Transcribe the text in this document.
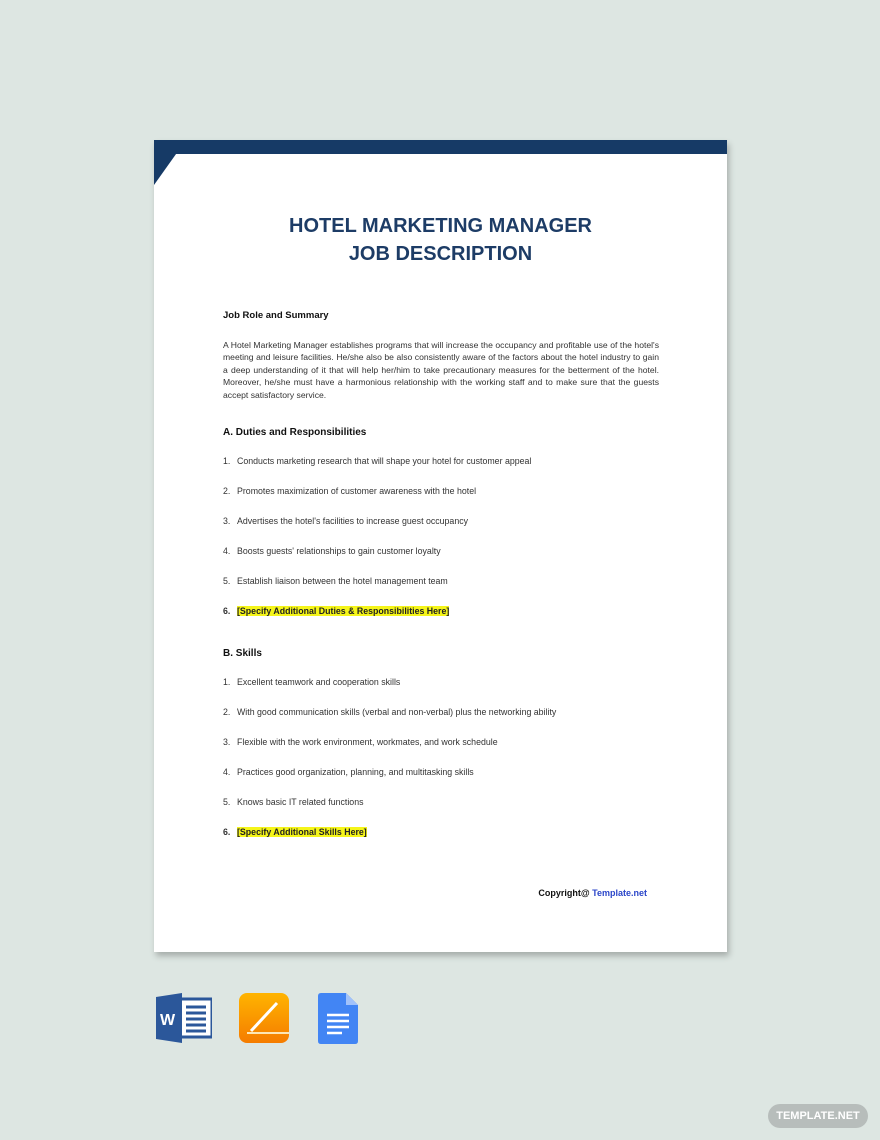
HOTEL MARKETING MANAGER
JOB DESCRIPTION
Job Role and Summary
A Hotel Marketing Manager establishes programs that will increase the occupancy and profitable use of the hotel's meeting and leisure facilities. He/she also be also consistently aware of the factors about the hotel industry to gain a deep understanding of it that will help her/him to take precautionary measures for the betterment of the hotel. Moreover, he/she must have a harmonious relationship with the working staff and to make sure that the guests accept satisfactory service.
A. Duties and Responsibilities
1. Conducts marketing research that will shape your hotel for customer appeal
2. Promotes maximization of customer awareness with the hotel
3. Advertises the hotel's facilities to increase guest occupancy
4. Boosts guests' relationships to gain customer loyalty
5. Establish liaison between the hotel management team
6. [Specify Additional Duties & Responsibilities Here]
B. Skills
1. Excellent teamwork and cooperation skills
2. With good communication skills (verbal and non-verbal) plus the networking ability
3. Flexible with the work environment, workmates, and work schedule
4. Practices good organization, planning, and multitasking skills
5. Knows basic IT related functions
6. [Specify Additional Skills Here]
Copyright@ Template.net
W
TEMPLATE.NET
